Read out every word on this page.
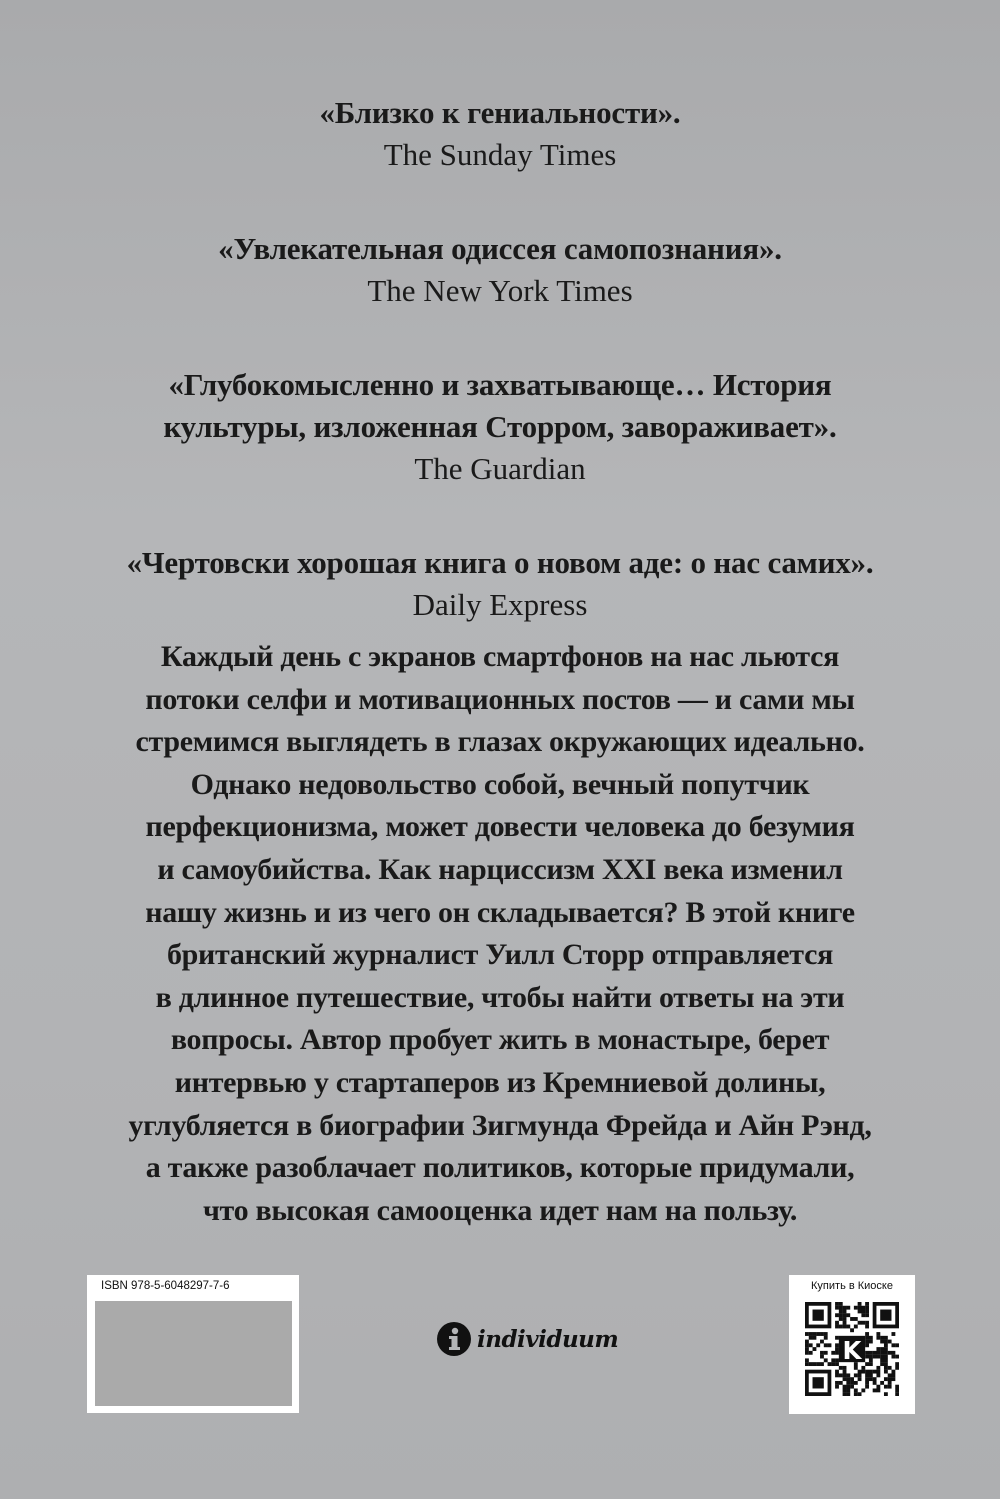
«Близко к гениальности».
The Sunday Times
«Увлекательная одиссея самопознания».
The New York Times
«Глубокомысленно и захватывающе… История
культуры, изложенная Сторром, завораживает».
The Guardian
«Чертовски хорошая книга о новом аде: о нас самих».
Daily Express
Каждый день с экранов смартфонов на нас льются
потоки селфи и мотивационных постов — и сами мы
стремимся выглядеть в глазах окружающих идеально.
Однако недовольство собой, вечный попутчик
перфекционизма, может довести человека до безумия
и самоубийства. Как нарциссизм XXI века изменил
нашу жизнь и из чего он складывается? В этой книге
британский журналист Уилл Сторр отправляется
в длинное путешествие, чтобы найти ответы на эти
вопросы. Автор пробует жить в монастыре, берет
интервью у стартаперов из Кремниевой долины,
углубляется в биографии Зигмунда Фрейда и Айн Рэнд,
а также разоблачает политиков, которые придумали,
что высокая самооценка идет нам на пользу.
ISBN 978-5-6048297-7-6
individuum
Купить в Киоске
K
